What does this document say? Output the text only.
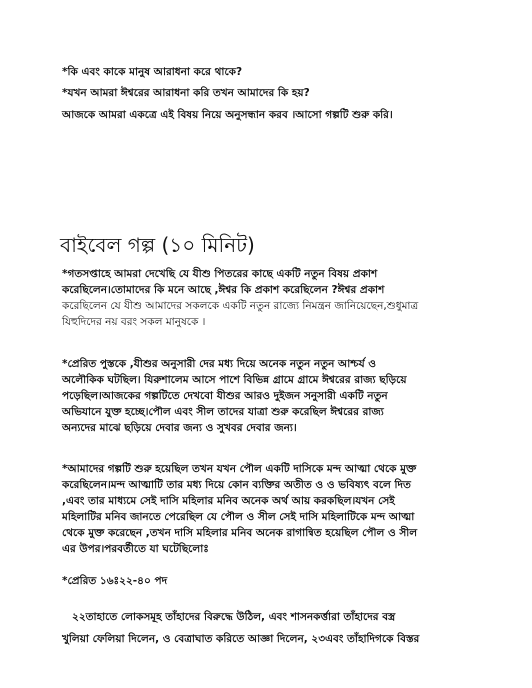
*কি এবং কাকে মানুষ আরাধনা করে থাকে?

*যখন আমরা ঈশ্বরের আরাধনা করি তখন আমাদের কি হয়?

আজকে আমরা একত্রে এই বিষয় নিয়ে অনুসন্ধান করব ।আসো গল্পটি শুরু করি।

বাইবেল গল্প (১০ মিনিট)
*গতসপ্তাহে আমরা দেখেছি যে যীশু পিতরের কাছে একটি নতুন বিষয় প্রকাশ
করেছিলেন।তোমাদের কি মনে আছে ,ঈশ্বর কি প্রকাশ করেছিলেন ?ঈশ্বর প্রকাশ
করেছিলেন যে যীশু আমাদের সকলকে একটি নতুন রাজ্যে নিমন্ত্রন জানিয়েছেন,শুধুমাত্র
যিহুদিদের নয় বরং সকল মানুষকে ।
*প্রেরিত পুস্তকে ,যীশুর অনুসারী দের মধ্য দিয়ে অনেক নতুন নতুন আশ্চর্য ও
অলৌকিক ঘটছিল। যিরুশালেম আসে পাশে বিভিন্ন গ্রামে গ্রামে ঈশ্বরের রাজ্য ছড়িয়ে
পড়েছিল।আজকের গল্পটিতে দেখবো যীশুর আরও দুইজন সনুসারী একটি নতুন
অভিযানে যুক্ত হচ্ছে।পৌল এবং সীল তাদের যাত্রা শুরু করেছিল ঈশ্বরের রাজ্য
অন্যদের মাঝে ছড়িয়ে দেবার জন্য ও সুখবর দেবার জন্য।
*আমাদের গল্পটি শুরু হয়েছিল তখন যখন পৌল একটি দাসিকে মন্দ আত্মা থেকে মুক্ত
করেছিলেন।মন্দ আত্মাটি তার মধ্য দিয়ে কোন ব্যক্তির অতীত ও ও ভবিষ্যৎ বলে দিত
,এবং তার মাধ্যমে সেই দাসি মহিলার মনিব অনেক অর্থ আয় করকছিল।যখন সেই
মহিলাটির মনিব জানতে পেরেছিল যে পৌল ও সীল সেই দাসি মহিলাটিকে মন্দ আত্মা
থেকে মুক্ত করেছেন ,তখন দাসি মহিলার মনিব অনেক রাগান্বিত হয়েছিল পৌল ও সীল
এর উপর।পরবর্তীতে যা ঘটেছিলোঃ

*প্রেরিত ১৬ঃ২২-৪০ পদ

২২তাহাতে লোকসমূহ তাঁহাদের বিরুদ্ধে উঠিল, এবং শাসনকর্ত্তারা তাঁহাদের বস্ত্র
খুলিয়া ফেলিয়া দিলেন, ও বেত্রাঘাত করিতে আজ্ঞা দিলেন, ২৩এবং তাঁহাদিগকে বিস্তর
